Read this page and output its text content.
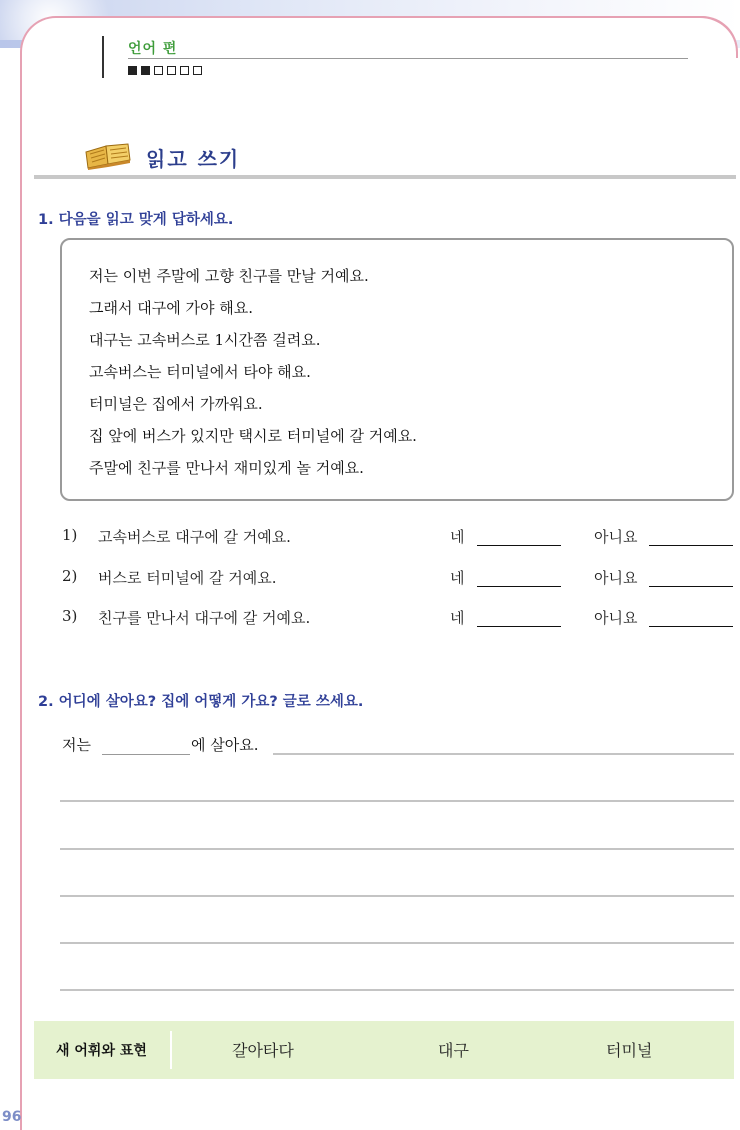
언어 편
읽고 쓰기
1. 다음을 읽고 맞게 답하세요.
저는 이번 주말에 고향 친구를 만날 거예요.
그래서 대구에 가야 해요.
대구는 고속버스로 1시간쯤 걸려요.
고속버스는 터미널에서 타야 해요.
터미널은 집에서 가까워요.
집 앞에 버스가 있지만 택시로 터미널에 갈 거예요.
주말에 친구를 만나서 재미있게 놀 거예요.
1) 고속버스로 대구에 갈 거예요.	네	아니요
2) 버스로 터미널에 갈 거예요.	네	아니요
3) 친구를 만나서 대구에 갈 거예요.	네	아니요
2. 어디에 살아요? 집에 어떻게 가요? 글로 쓰세요.
저는	에 살아요.
새 어휘와 표현	갈아타다	대구	터미널
96
